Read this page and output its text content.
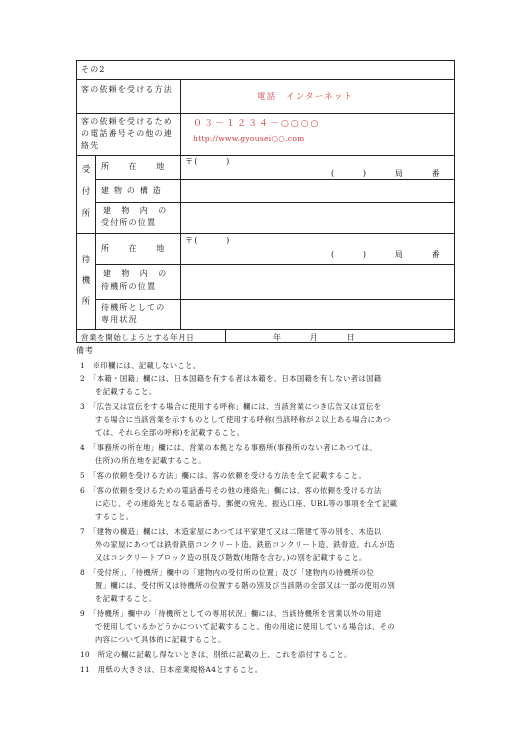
その2
客の依頼を受ける方法
電話　インターネット
客の依頼を受けるための電話番号その他の連絡先
０３－１２３４－○○○○
http://www.gyousei○○.com
受
付
所
所　　在　　地
〒(　　　)
(　　　)　　　局　　　番
建 物 の 構 造
建　物　内　の
受付所の位置
待
機
所
所　　在　　地
〒(　　　)
(　　　)　　　局　　　番
建　物　内　の
待機所の位置
待機所としての
専用状況
営業を開始しようとする年月日	年　　　月　　　日
備考
1　※印欄には、記載しないこと。
2　「本籍・国籍」欄には、日本国籍を有する者は本籍を、日本国籍を有しない者は国籍
を記載すること。
3　「広告又は宣伝をする場合に使用する呼称」欄には、当該営業につき広告又は宣伝を
する場合に当該営業を示すものとして使用する呼称(当該呼称が２以上ある場合にあつ
ては、それら全部の呼称)を記載すること。
4　「事務所の所在地」欄には、営業の本拠となる事務所(事務所のない者にあつては、
住所)の所在地を記載すること。
5　「客の依頼を受ける方法」欄には、客の依頼を受ける方法を全て記載すること。
6　「客の依頼を受けるための電話番号その他の連絡先」欄には、客の依頼を受ける方法
に応じ、その連絡先となる電話番号、郵便の宛先、振込口座、URL等の事項を全て記載
すること。
7　「建物の構造」欄には、木造家屋にあつては平家建て又は二階建て等の別を、木造以
外の家屋にあつては鉄骨鉄筋コンクリート造、鉄筋コンクリート造、鉄骨造、れんが造
又はコンクリートブロック造の別及び階数(地階を含む。)の別を記載すること。
8　「受付所」、「待機所」欄中の「建物内の受付所の位置」及び「建物内の待機所の位
置」欄には、受付所又は待機所の位置する階の別及び当該階の全部又は一部の使用の別
を記載すること。
9　「待機所」欄中の「待機所としての専用状況」欄には、当該待機所を営業以外の用途
で使用しているかどうかについて記載すること。他の用途に使用している場合は、その
内容について具体的に記載すること。
10　所定の欄に記載し得ないときは、別紙に記載の上、これを添付すること。
11　用紙の大きさは、日本産業規格A4とすること。
